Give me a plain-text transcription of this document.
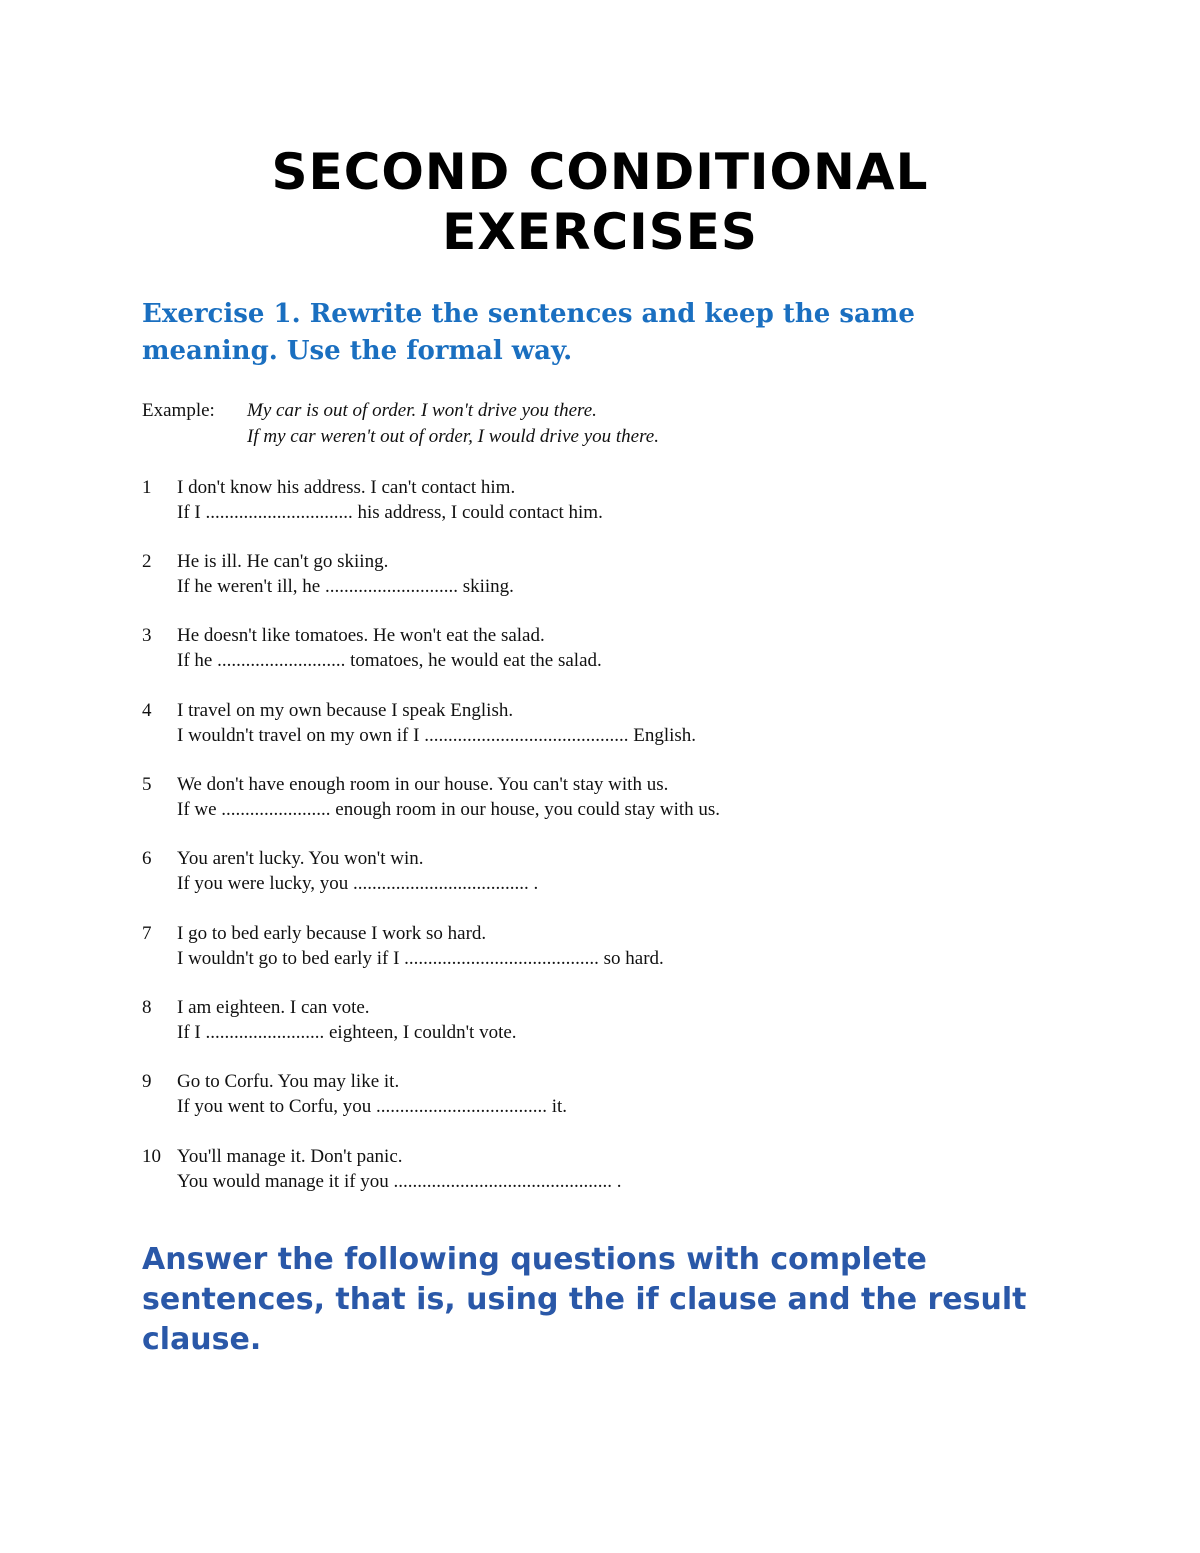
SECOND CONDITIONAL
EXERCISES
Exercise 1. Rewrite the sentences and keep the same meaning. Use the formal way.
Example:	My car is out of order. I won't drive you there.
If my car weren't out of order, I would drive you there.
1	I don't know his address. I can't contact him.
If I ............................... his address, I could contact him.
2	He is ill. He can't go skiing.
If he weren't ill, he ............................ skiing.
3	He doesn't like tomatoes. He won't eat the salad.
If he ........................... tomatoes, he would eat the salad.
4	I travel on my own because I speak English.
I wouldn't travel on my own if I ........................................... English.
5	We don't have enough room in our house. You can't stay with us.
If we ....................... enough room in our house, you could stay with us.
6	You aren't lucky. You won't win.
If you were lucky, you ..................................... .
7	I go to bed early because I work so hard.
I wouldn't go to bed early if I ......................................... so hard.
8	I am eighteen. I can vote.
If I ......................... eighteen, I couldn't vote.
9	Go to Corfu. You may like it.
If you went to Corfu, you .................................... it.
10 You'll manage it. Don't panic.
You would manage it if you .............................................. .
Answer the following questions with complete sentences, that is, using the if clause and the result clause.
